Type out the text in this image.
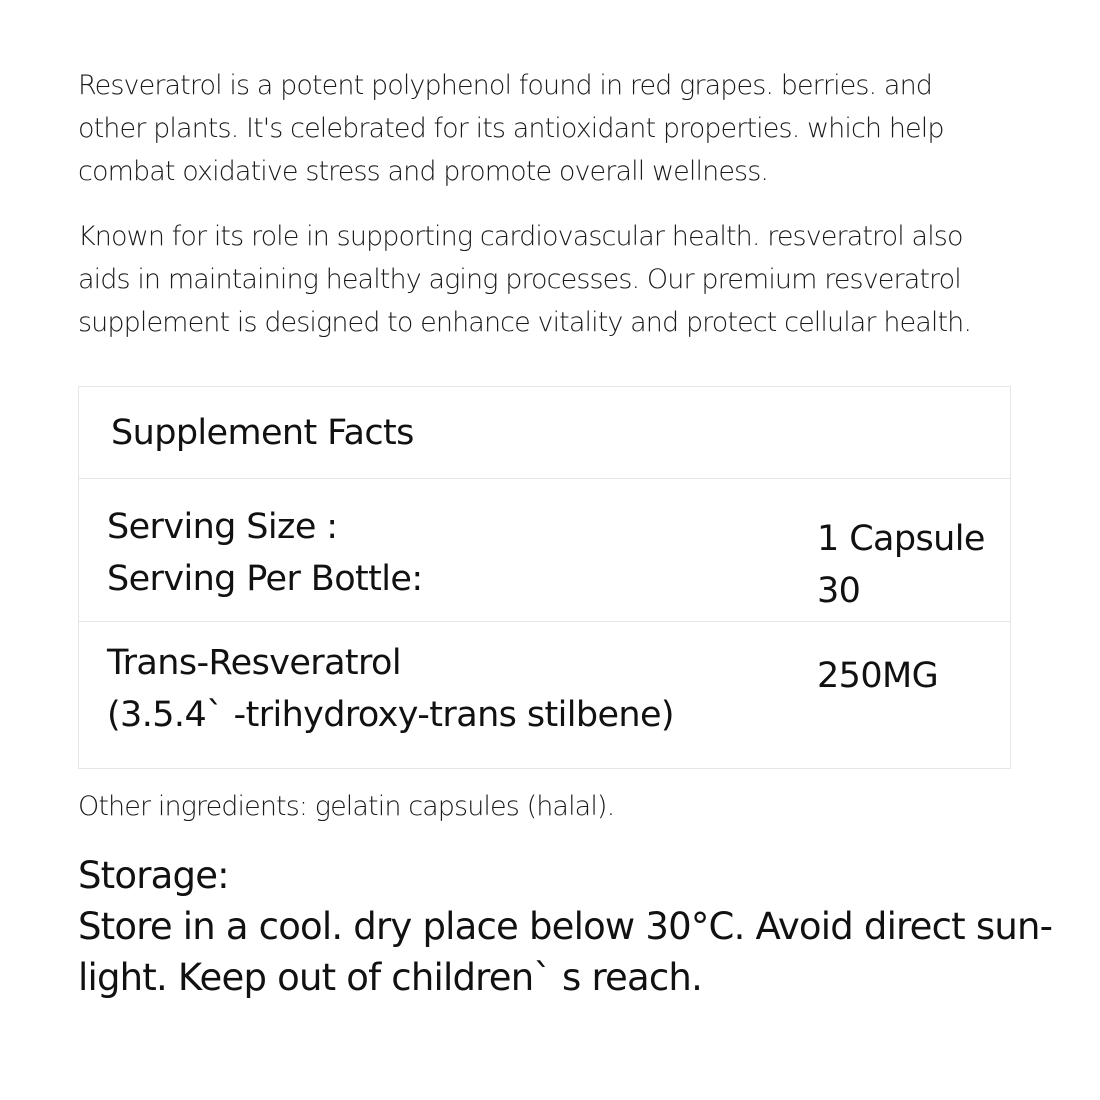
Resveratrol is a potent polyphenol found in red grapes. berries. and
other plants. It's celebrated for its antioxidant properties. which help
combat oxidative stress and promote overall wellness.

Known for its role in supporting cardiovascular health. resveratrol also
aids in maintaining healthy aging processes. Our premium resveratrol
supplement is designed to enhance vitality and protect cellular health.

Supplement Facts
Serving Size :
Serving Per Bottle:
1 Capsule
30
Trans-Resveratrol
(3.5.4` -trihydroxy-trans stilbene)
250MG
Other ingredients: gelatin capsules (halal).
Storage:
Store in a cool. dry place below 30°C. Avoid direct sun-
light. Keep out of children` s reach.
